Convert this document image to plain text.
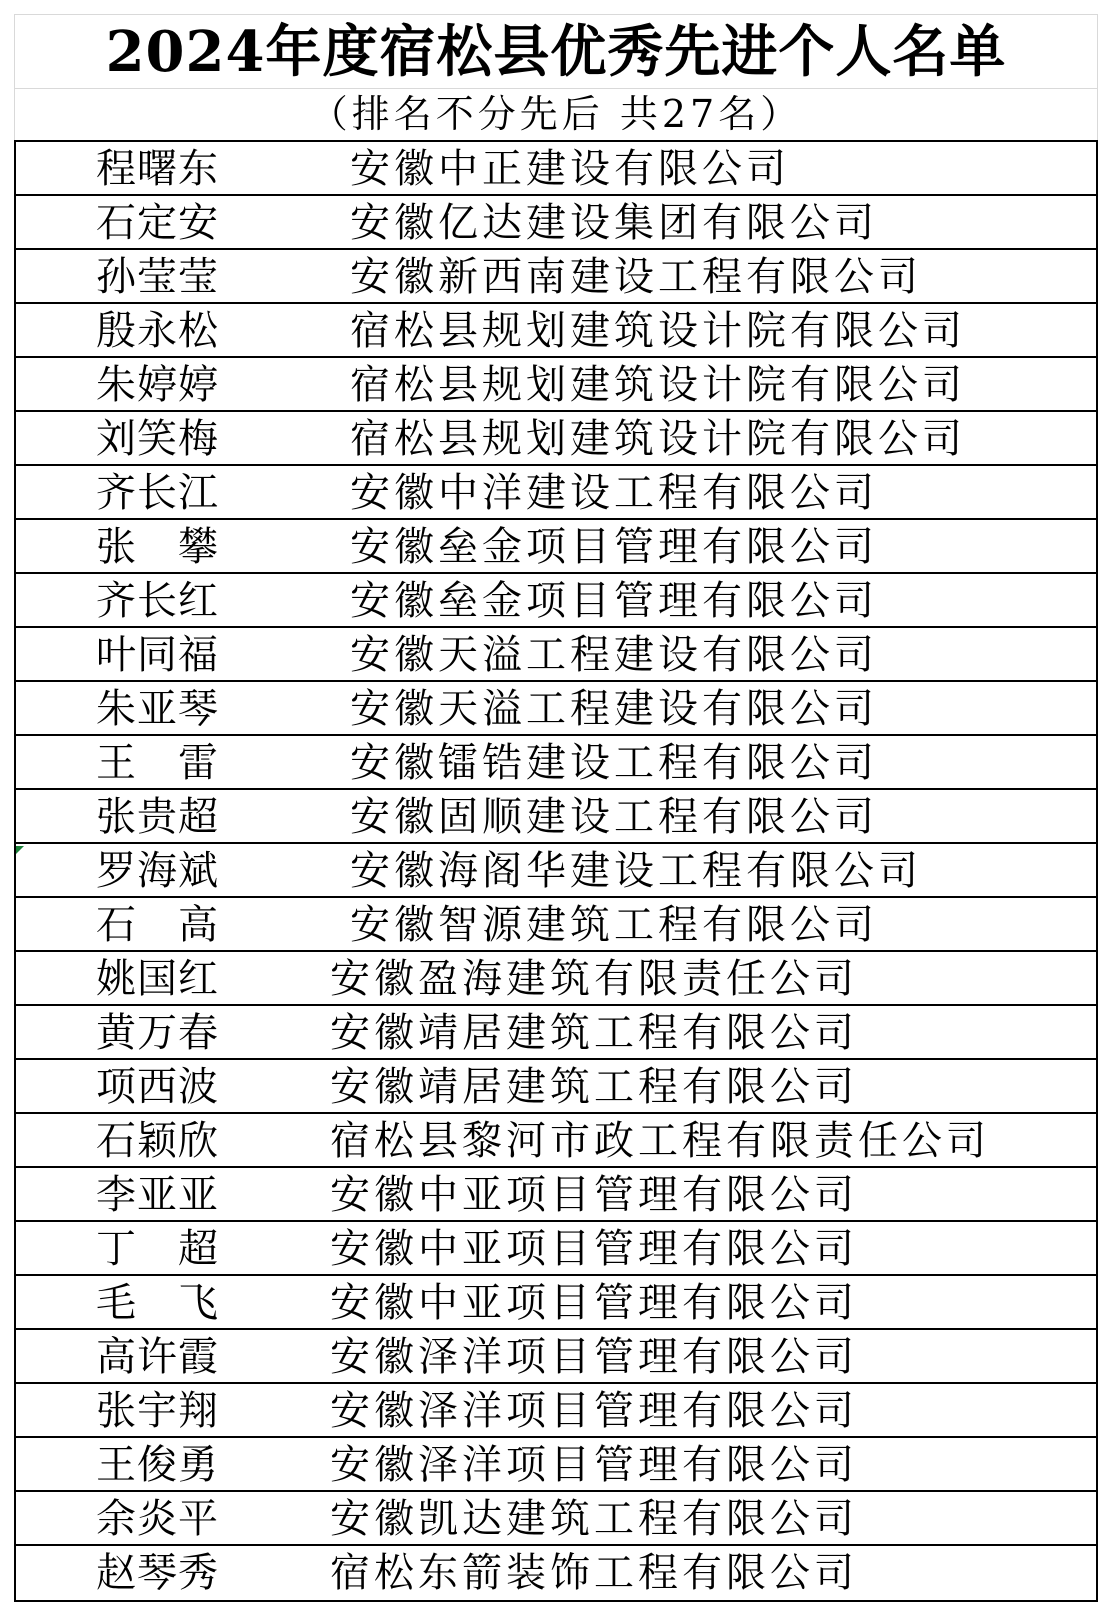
2024年度宿松县优秀先进个人名单
（排名不分先后 共27名）
程曙东	安徽中正建设有限公司
石定安	安徽亿达建设集团有限公司
孙莹莹	安徽新西南建设工程有限公司
殷永松	宿松县规划建筑设计院有限公司
朱婷婷	宿松县规划建筑设计院有限公司
刘笑梅	宿松县规划建筑设计院有限公司
齐长江	安徽中洋建设工程有限公司
张攀	安徽垒金项目管理有限公司
齐长红	安徽垒金项目管理有限公司
叶同福	安徽天溢工程建设有限公司
朱亚琴	安徽天溢工程建设有限公司
王雷	安徽镭锆建设工程有限公司
张贵超	安徽固顺建设工程有限公司
罗海斌	安徽海阁华建设工程有限公司
石高	安徽智源建筑工程有限公司
姚国红	安徽盈海建筑有限责任公司
黄万春	安徽靖居建筑工程有限公司
项西波	安徽靖居建筑工程有限公司
石颖欣	宿松县黎河市政工程有限责任公司
李亚亚	安徽中亚项目管理有限公司
丁超	安徽中亚项目管理有限公司
毛飞	安徽中亚项目管理有限公司
高许霞	安徽泽洋项目管理有限公司
张宇翔	安徽泽洋项目管理有限公司
王俊勇	安徽泽洋项目管理有限公司
余炎平	安徽凯达建筑工程有限公司
赵琴秀	宿松东箭装饰工程有限公司
